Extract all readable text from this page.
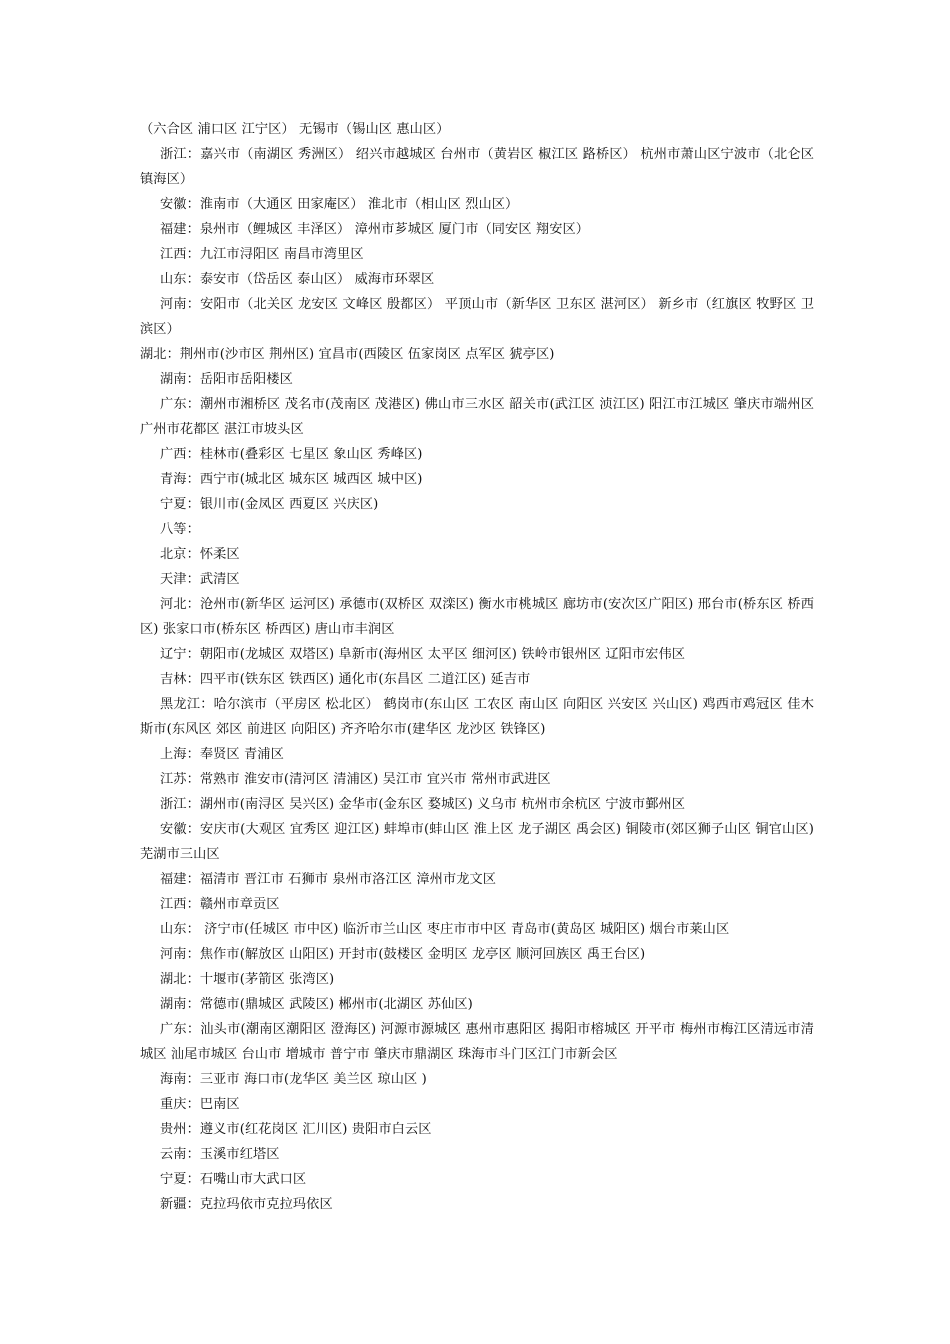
（六合区 浦口区 江宁区） 无锡市（锡山区 惠山区）

浙江：嘉兴市（南湖区 秀洲区） 绍兴市越城区 台州市（黄岩区 椒江区 路桥区） 杭州市萧山区宁波市（北仑区 镇海区）

安徽：淮南市（大通区 田家庵区） 淮北市（相山区 烈山区）

福建：泉州市（鲤城区 丰泽区） 漳州市芗城区 厦门市（同安区 翔安区）

江西：九江市浔阳区 南昌市湾里区

山东：泰安市（岱岳区 泰山区） 威海市环翠区

河南：安阳市（北关区 龙安区 文峰区 殷都区） 平顶山市（新华区 卫东区 湛河区） 新乡市（红旗区 牧野区 卫滨区）

湖北：荆州市(沙市区 荆州区) 宜昌市(西陵区 伍家岗区 点军区 猇亭区)

湖南：岳阳市岳阳楼区

广东：潮州市湘桥区 茂名市(茂南区 茂港区) 佛山市三水区 韶关市(武江区 浈江区) 阳江市江城区 肇庆市端州区 广州市花都区 湛江市坡头区

广西：桂林市(叠彩区 七星区 象山区 秀峰区)

青海：西宁市(城北区 城东区 城西区 城中区)

宁夏：银川市(金凤区 西夏区 兴庆区)

八等：

北京：怀柔区

天津：武清区

河北：沧州市(新华区 运河区) 承德市(双桥区 双滦区) 衡水市桃城区 廊坊市(安次区广阳区) 邢台市(桥东区 桥西区) 张家口市(桥东区 桥西区) 唐山市丰润区

辽宁：朝阳市(龙城区 双塔区) 阜新市(海州区 太平区 细河区) 铁岭市银州区 辽阳市宏伟区

吉林：四平市(铁东区 铁西区) 通化市(东昌区 二道江区) 延吉市

黑龙江：哈尔滨市（平房区 松北区） 鹤岗市(东山区 工农区 南山区 向阳区 兴安区 兴山区) 鸡西市鸡冠区 佳木斯市(东风区 郊区 前进区 向阳区) 齐齐哈尔市(建华区 龙沙区 铁锋区)

上海：奉贤区 青浦区

江苏：常熟市 淮安市(清河区 清浦区) 吴江市 宜兴市 常州市武进区

浙江：湖州市(南浔区 吴兴区) 金华市(金东区 婺城区) 义乌市 杭州市余杭区 宁波市鄞州区

安徽：安庆市(大观区 宜秀区 迎江区) 蚌埠市(蚌山区 淮上区 龙子湖区 禹会区) 铜陵市(郊区狮子山区 铜官山区) 芜湖市三山区

福建：福清市 晋江市 石狮市 泉州市洛江区 漳州市龙文区

江西：赣州市章贡区

山东： 济宁市(任城区 市中区) 临沂市兰山区 枣庄市市中区 青岛市(黄岛区 城阳区) 烟台市莱山区

河南：焦作市(解放区 山阳区) 开封市(鼓楼区 金明区 龙亭区 顺河回族区 禹王台区)

湖北：十堰市(茅箭区 张湾区)

湖南：常德市(鼎城区 武陵区) 郴州市(北湖区 苏仙区)

广东：汕头市(潮南区潮阳区 澄海区) 河源市源城区 惠州市惠阳区 揭阳市榕城区 开平市 梅州市梅江区清远市清城区 汕尾市城区 台山市 增城市 普宁市 肇庆市鼎湖区 珠海市斗门区江门市新会区

海南：三亚市 海口市(龙华区 美兰区 琼山区 )

重庆：巴南区

贵州：遵义市(红花岗区 汇川区) 贵阳市白云区

云南：玉溪市红塔区

宁夏：石嘴山市大武口区

新疆：克拉玛依市克拉玛依区
